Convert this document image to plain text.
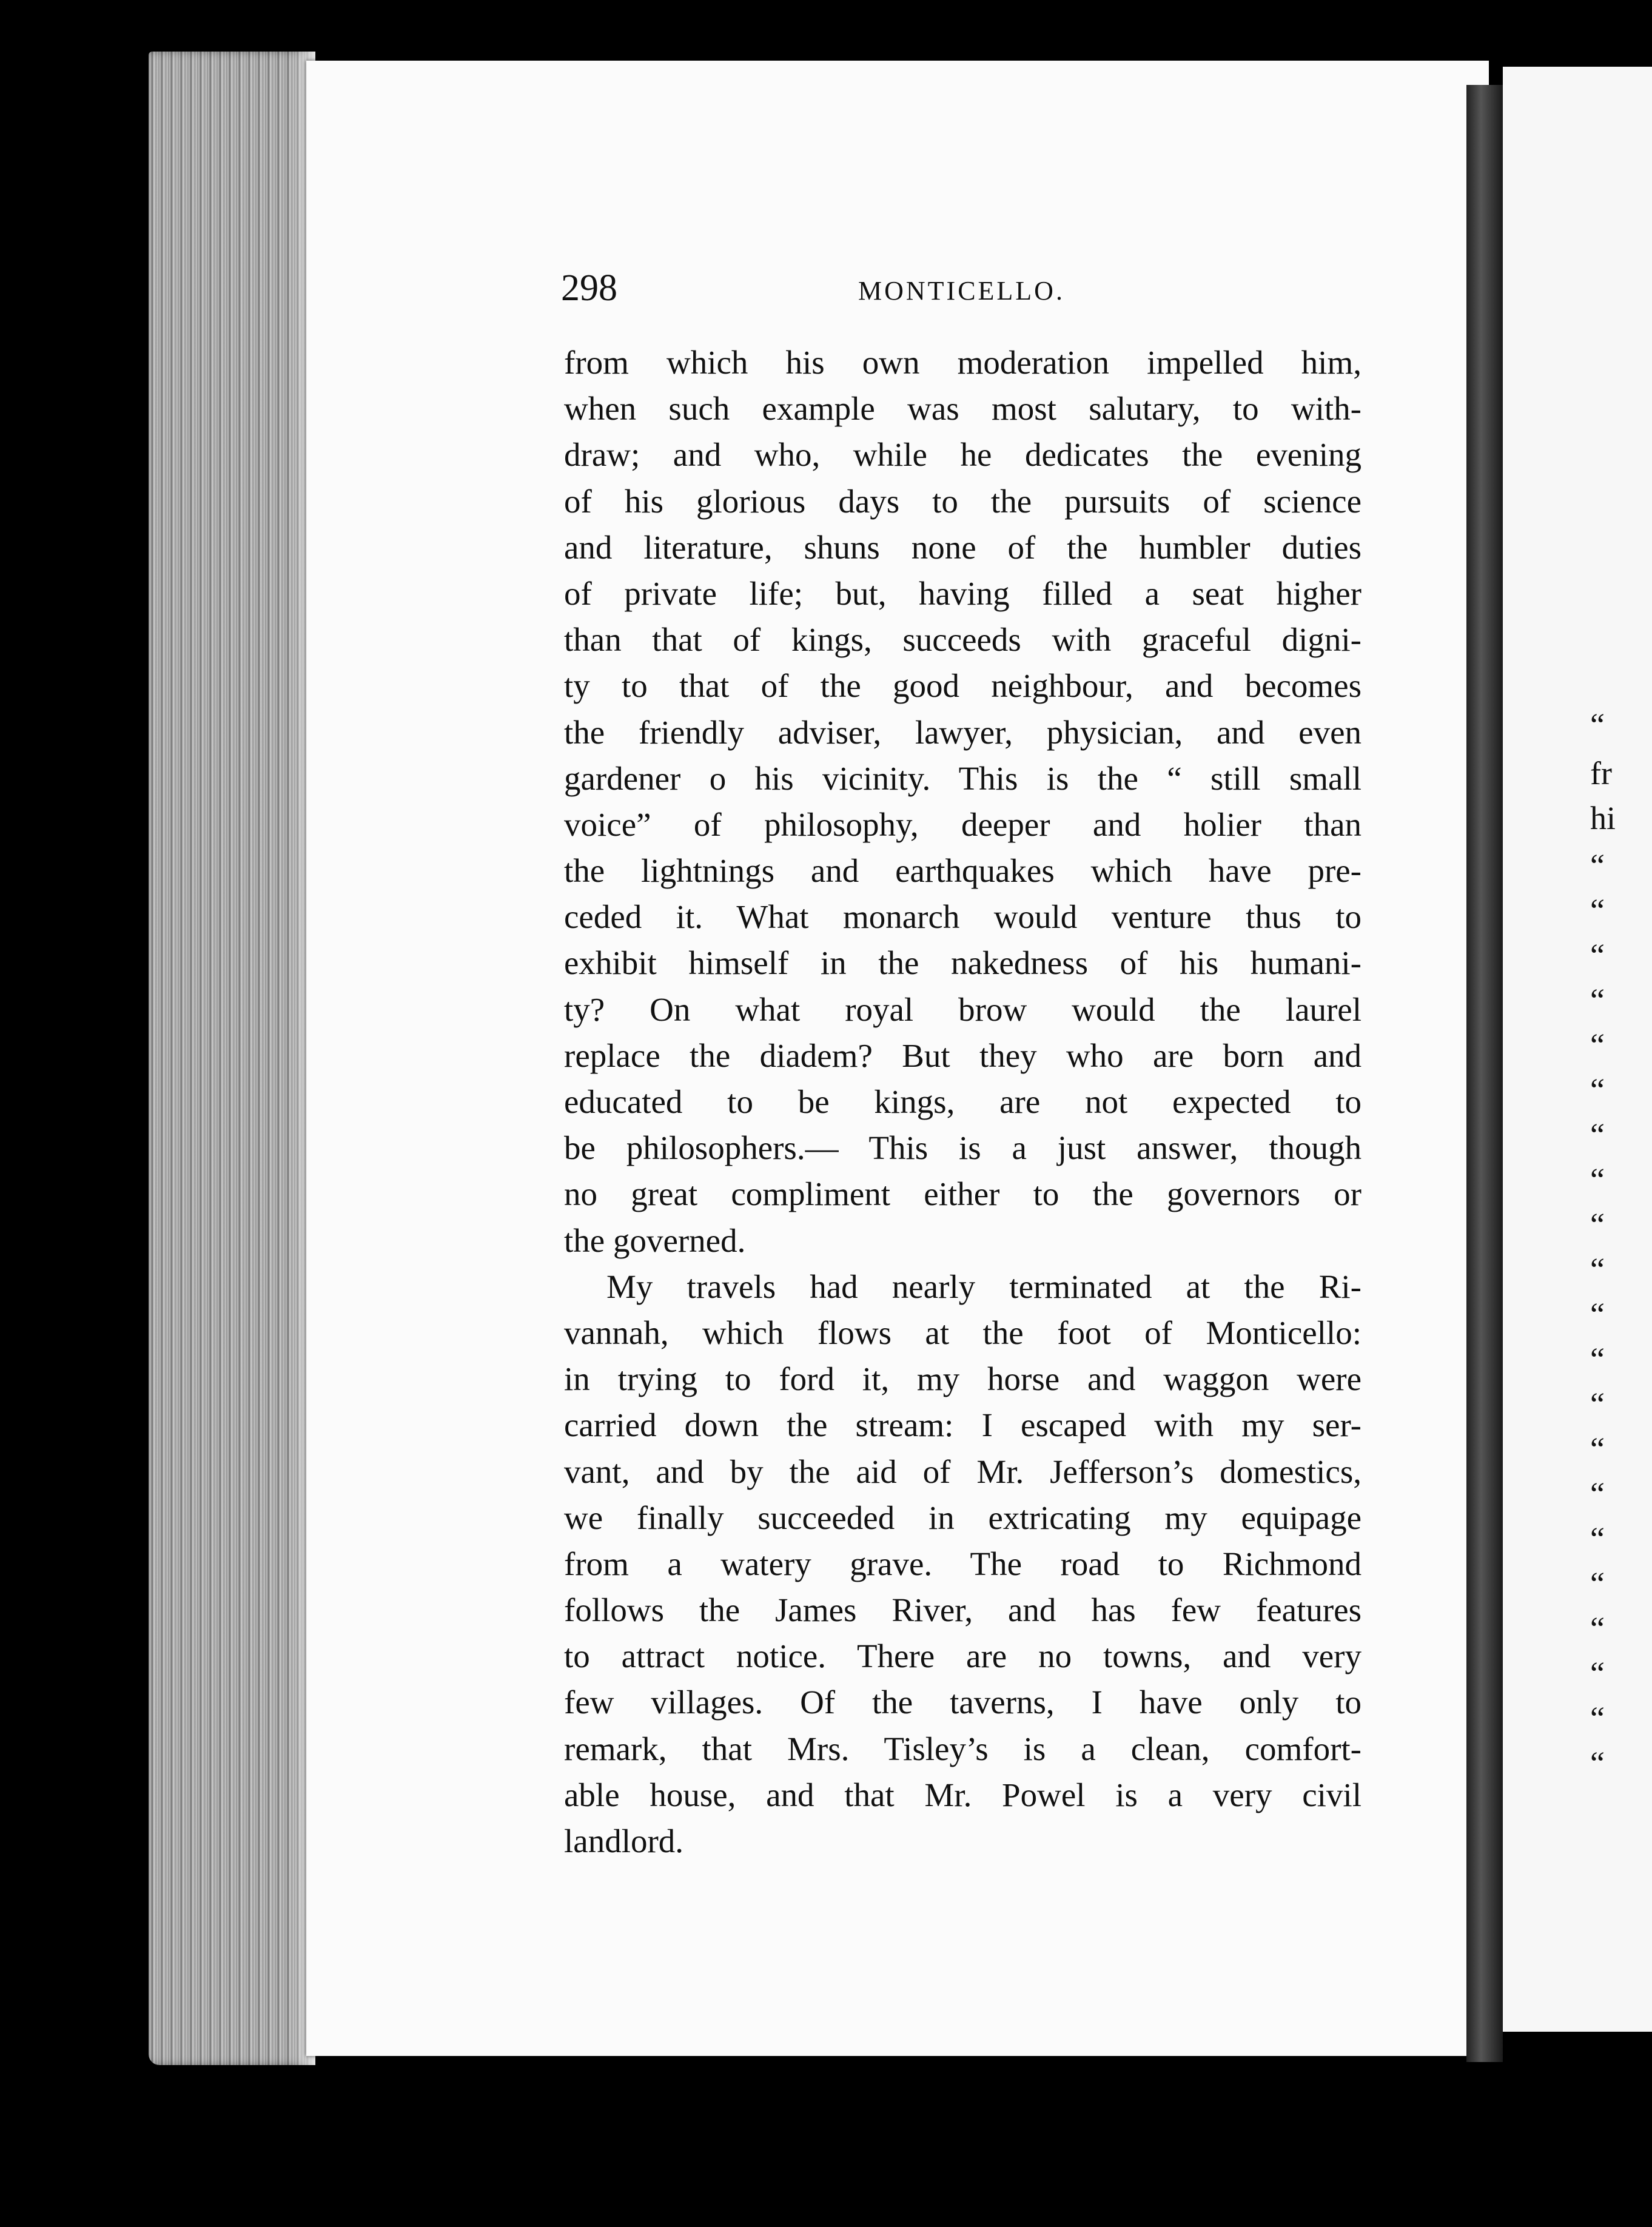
“
fr
hi
“
“
“
“
“
“
“
“
“
“
“
“
“
“
“
“
“
“
“
“
“
298	MONTICELLO.
from which his own moderation impelled him,
when such example was most salutary, to with-
draw; and who, while he dedicates the evening
of his glorious days to the pursuits of science
and literature, shuns none of the humbler duties
of private life; but, having filled a seat higher
than that of kings, succeeds with graceful digni-
ty to that of the good neighbour, and becomes
the friendly adviser, lawyer, physician, and even
gardener o his vicinity. This is the “ still small
voice” of philosophy, deeper and holier than
the lightnings and earthquakes which have pre-
ceded it. What monarch would venture thus to
exhibit himself in the nakedness of his humani-
ty? On what royal brow would the laurel
replace the diadem? But they who are born and
educated to be kings, are not expected to
be philosophers.— This is a just answer, though
no great compliment either to the governors or
the governed.
My travels had nearly terminated at the Ri-
vannah, which flows at the foot of Monticello:
in trying to ford it, my horse and waggon were
carried down the stream: I escaped with my ser-
vant, and by the aid of Mr. Jefferson’s domestics,
we finally succeeded in extricating my equipage
from a watery grave. The road to Richmond
follows the James River, and has few features
to attract notice. There are no towns, and very
few villages. Of the taverns, I have only to
remark, that Mrs. Tisley’s is a clean, comfort-
able house, and that Mr. Powel is a very civil
landlord.
